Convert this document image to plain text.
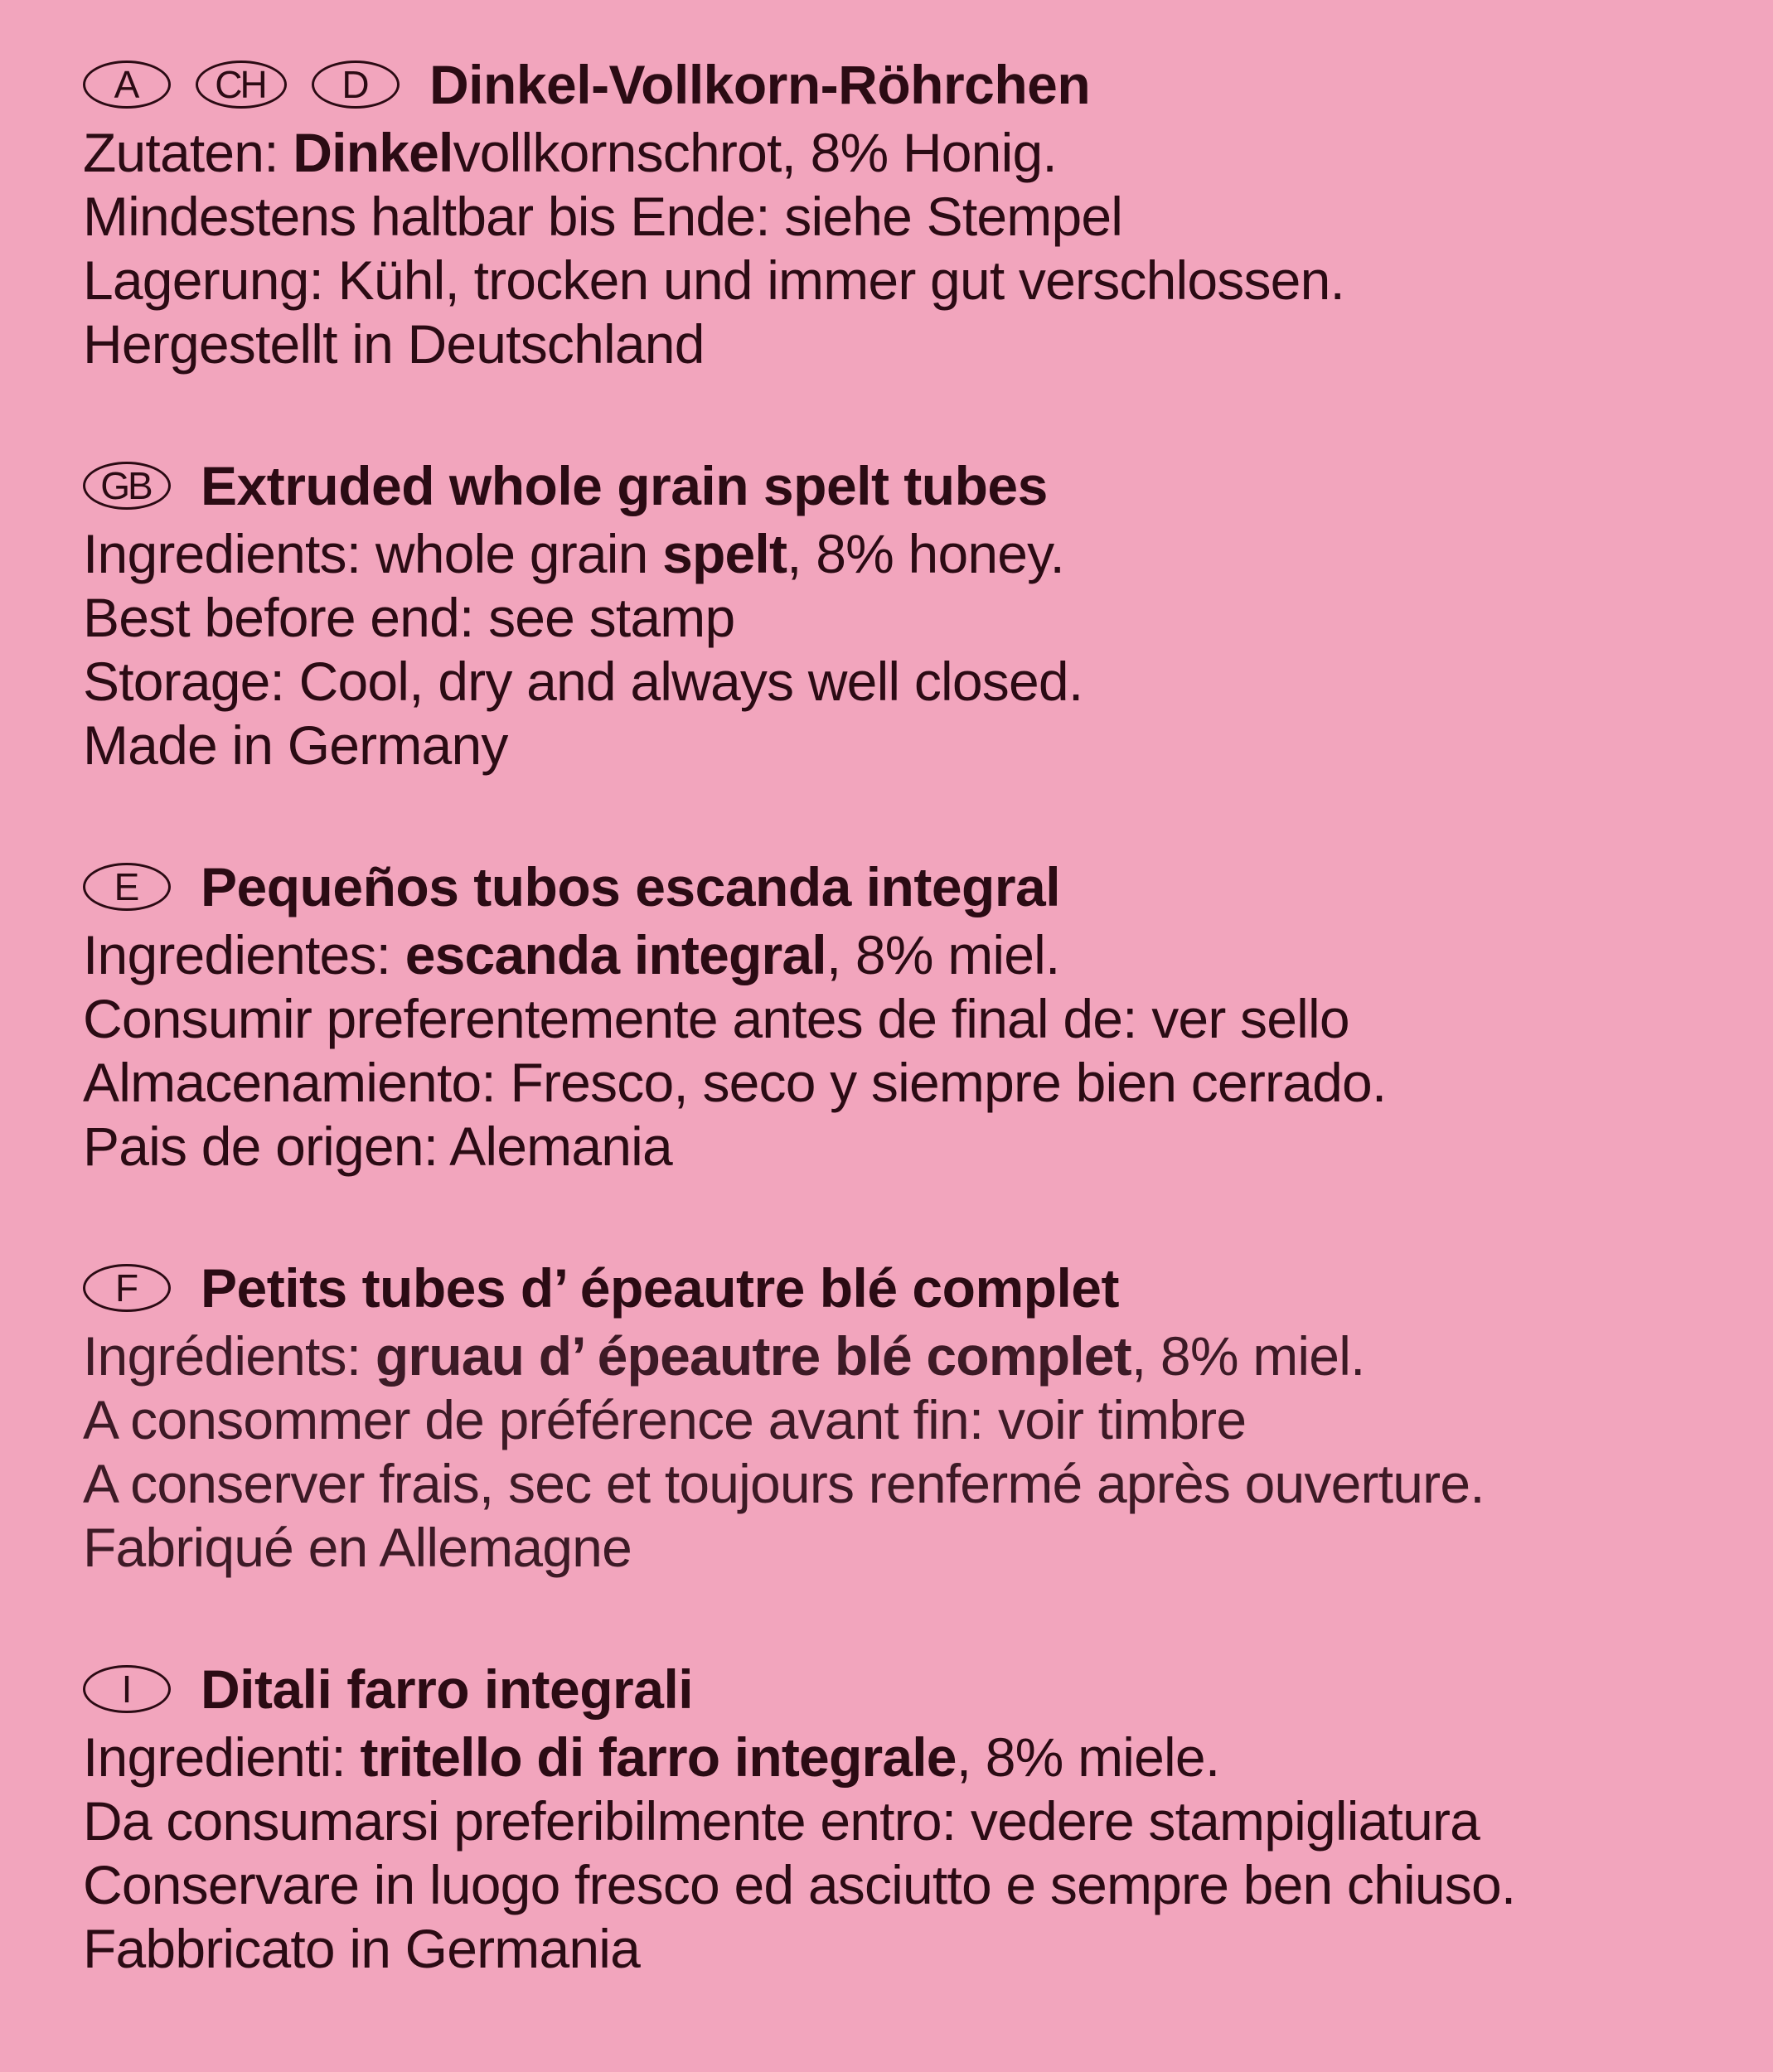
A	CH	D	Dinkel-Vollkorn-Röhrchen
Zutaten: Dinkelvollkornschrot, 8% Honig.
Mindestens haltbar bis Ende: siehe Stempel
Lagerung: Kühl, trocken und immer gut verschlossen.
Hergestellt in Deutschland
GB Extruded whole grain spelt tubes
Ingredients: whole grain spelt, 8% honey.
Best before end: see stamp
Storage: Cool, dry and always well closed.
Made in Germany
E	Pequeños tubos escanda integral
Ingredientes: escanda integral, 8% miel.
Consumir preferentemente antes de final de: ver sello
Almacenamiento: Fresco, seco y siempre bien cerrado.
Pais de origen: Alemania
F	Petits tubes d’ épeautre blé complet
Ingrédients: gruau d’ épeautre blé complet, 8% miel.
A consommer de préférence avant fin: voir timbre
A conserver frais, sec et toujours renfermé après ouverture.
Fabriqué en Allemagne
I	Ditali farro integrali
Ingredienti: tritello di farro integrale, 8% miele.
Da consumarsi preferibilmente entro: vedere stampigliatura
Conservare in luogo fresco ed asciutto e sempre ben chiuso.
Fabbricato in Germania
